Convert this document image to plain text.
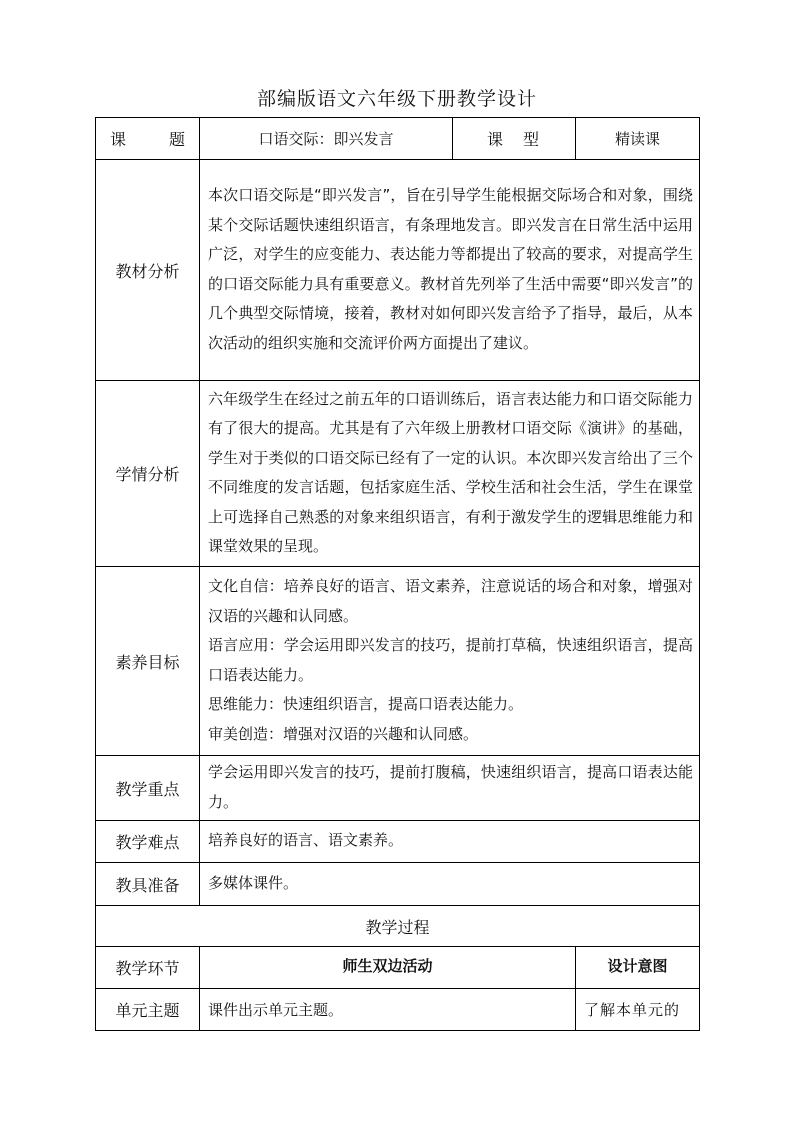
部编版语文六年级下册教学设计
课　题	口语交际：即兴发言	课　型	精读课
教材分析	本次口语交际是“即兴发言”，旨在引导学生能根据交际场合和对象，围绕某个交际话题快速组织语言，有条理地发言。即兴发言在日常生活中运用广泛，对学生的应变能力、表达能力等都提出了较高的要求，对提高学生的口语交际能力具有重要意义。教材首先列举了生活中需要“即兴发言”的几个典型交际情境，接着，教材对如何即兴发言给予了指导，最后，从本次活动的组织实施和交流评价两方面提出了建议。		
学情分析	六年级学生在经过之前五年的口语训练后，语言表达能力和口语交际能力有了很大的提高。尤其是有了六年级上册教材口语交际《演讲》的基础，学生对于类似的口语交际已经有了一定的认识。本次即兴发言给出了三个不同维度的发言话题，包括家庭生活、学校生活和社会生活，学生在课堂上可选择自己熟悉的对象来组织语言，有利于激发学生的逻辑思维能力和课堂效果的呈现。		
素养目标	文化自信：培养良好的语言、语文素养，注意说话的场合和对象，增强对汉语的兴趣和认同感。

语言应用：学会运用即兴发言的技巧，提前打草稿，快速组织语言，提高口语表达能力。

思维能力：快速组织语言，提高口语表达能力。

审美创造：增强对汉语的兴趣和认同感。		

教学重点	学会运用即兴发言的技巧，提前打腹稿，快速组织语言，提高口语表达能力。		
教学难点	培养良好的语言、语文素养。		
教具准备	多媒体课件。		
教学过程			
教学环节	师生双边活动		设计意图
单元主题	课件出示单元主题。		了解本单元的
